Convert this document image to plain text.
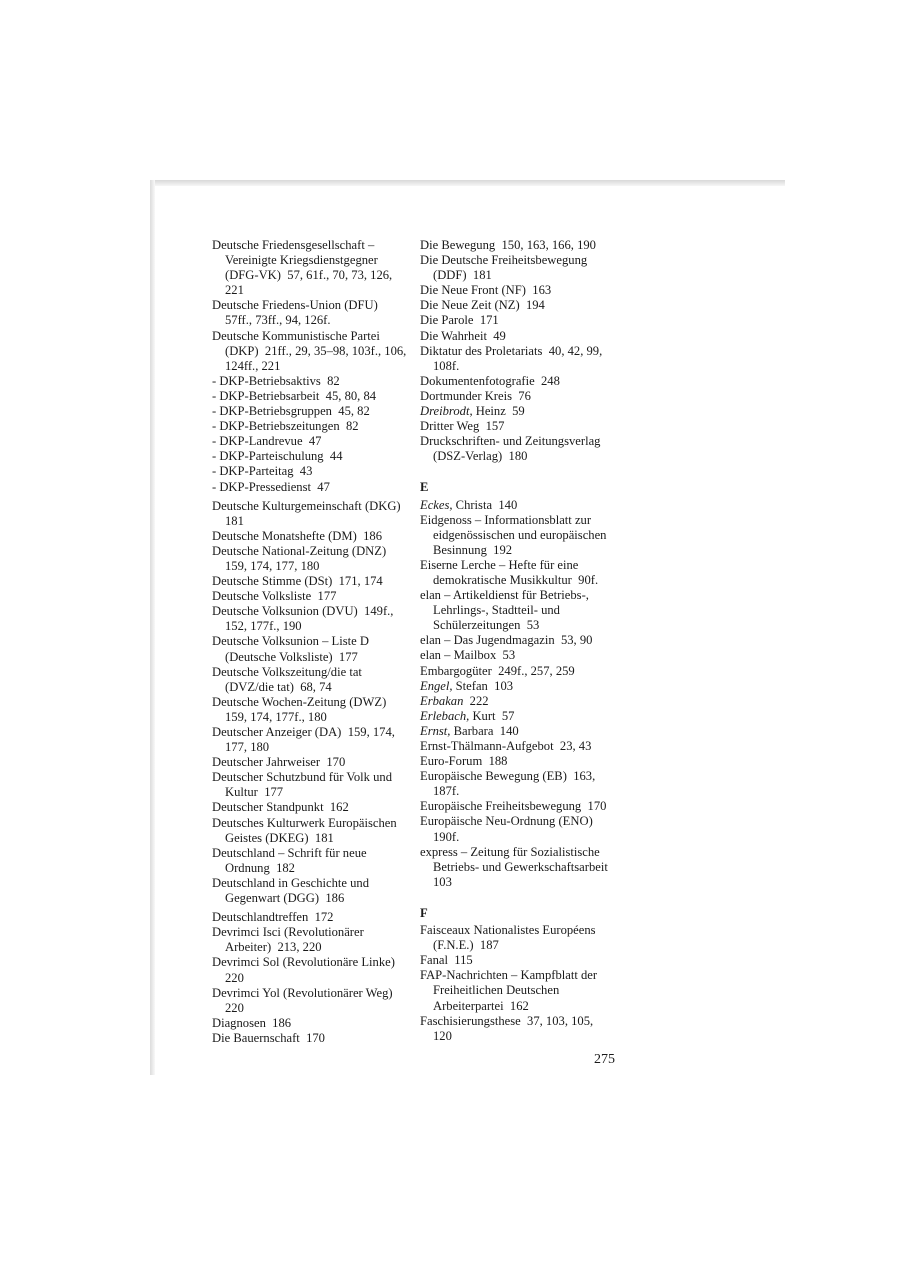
Deutsche Friedensgesellschaft – Vereinigte Kriegsdienstgegner (DFG-VK)  57, 61f., 70, 73, 126, 221
Deutsche Friedens-Union (DFU) 57ff., 73ff., 94, 126f.
Deutsche Kommunistische Partei (DKP)  21ff., 29, 35–98, 103f., 106, 124ff., 221
- DKP-Betriebsaktivs  82
- DKP-Betriebsarbeit  45, 80, 84
- DKP-Betriebsgruppen  45, 82
- DKP-Betriebszeitungen  82
- DKP-Landrevue  47
- DKP-Parteischulung  44
- DKP-Parteitag  43
- DKP-Pressedienst  47
Deutsche Kulturgemeinschaft (DKG) 181
Deutsche Monatshefte (DM)  186
Deutsche National-Zeitung (DNZ) 159, 174, 177, 180
Deutsche Stimme (DSt)  171, 174
Deutsche Volksliste  177
Deutsche Volksunion (DVU)  149f., 152, 177f., 190
Deutsche Volksunion – Liste D (Deutsche Volksliste)  177
Deutsche Volkszeitung/die tat (DVZ/die tat)  68, 74
Deutsche Wochen-Zeitung (DWZ) 159, 174, 177f., 180
Deutscher Anzeiger (DA)  159, 174, 177, 180
Deutscher Jahrweiser  170
Deutscher Schutzbund für Volk und Kultur  177
Deutscher Standpunkt  162
Deutsches Kulturwerk Europäischen Geistes (DKEG)  181
Deutschland – Schrift für neue Ordnung  182
Deutschland in Geschichte und Gegenwart (DGG)  186
Deutschlandtreffen  172
Devrimci Isci (Revolutionärer Arbeiter)  213, 220
Devrimci Sol (Revolutionäre Linke) 220
Devrimci Yol (Revolutionärer Weg) 220
Diagnosen  186
Die Bauernschaft  170
Die Bewegung  150, 163, 166, 190
Die Deutsche Freiheitsbewegung (DDF)  181
Die Neue Front (NF)  163
Die Neue Zeit (NZ)  194
Die Parole  171
Die Wahrheit  49
Diktatur des Proletariats  40, 42, 99, 108f.
Dokumentenfotografie  248
Dortmunder Kreis  76
Dreibrodt, Heinz  59
Dritter Weg  157
Druckschriften- und Zeitungsverlag (DSZ-Verlag)  180
E
Eckes, Christa  140
Eidgenoss – Informationsblatt zur eidgenössischen und europäischen Besinnung  192
Eiserne Lerche – Hefte für eine demokratische Musikkultur  90f.
elan – Artikeldienst für Betriebs-, Lehrlings-, Stadtteil- und Schülerzeitungen  53
elan – Das Jugendmagazin  53, 90
elan – Mailbox  53
Embargogüter  249f., 257, 259
Engel, Stefan  103
Erbakan  222
Erlebach, Kurt  57
Ernst, Barbara  140
Ernst-Thälmann-Aufgebot  23, 43
Euro-Forum  188
Europäische Bewegung (EB)  163, 187f.
Europäische Freiheitsbewegung  170
Europäische Neu-Ordnung (ENO) 190f.
express – Zeitung für Sozialistische Betriebs- und Gewerkschaftsarbeit 103
F
Faisceaux Nationalistes Européens (F.N.E.)  187
Fanal  115
FAP-Nachrichten – Kampfblatt der Freiheitlichen Deutschen Arbeiterpartei  162
Faschisierungsthese  37, 103, 105, 120
275
